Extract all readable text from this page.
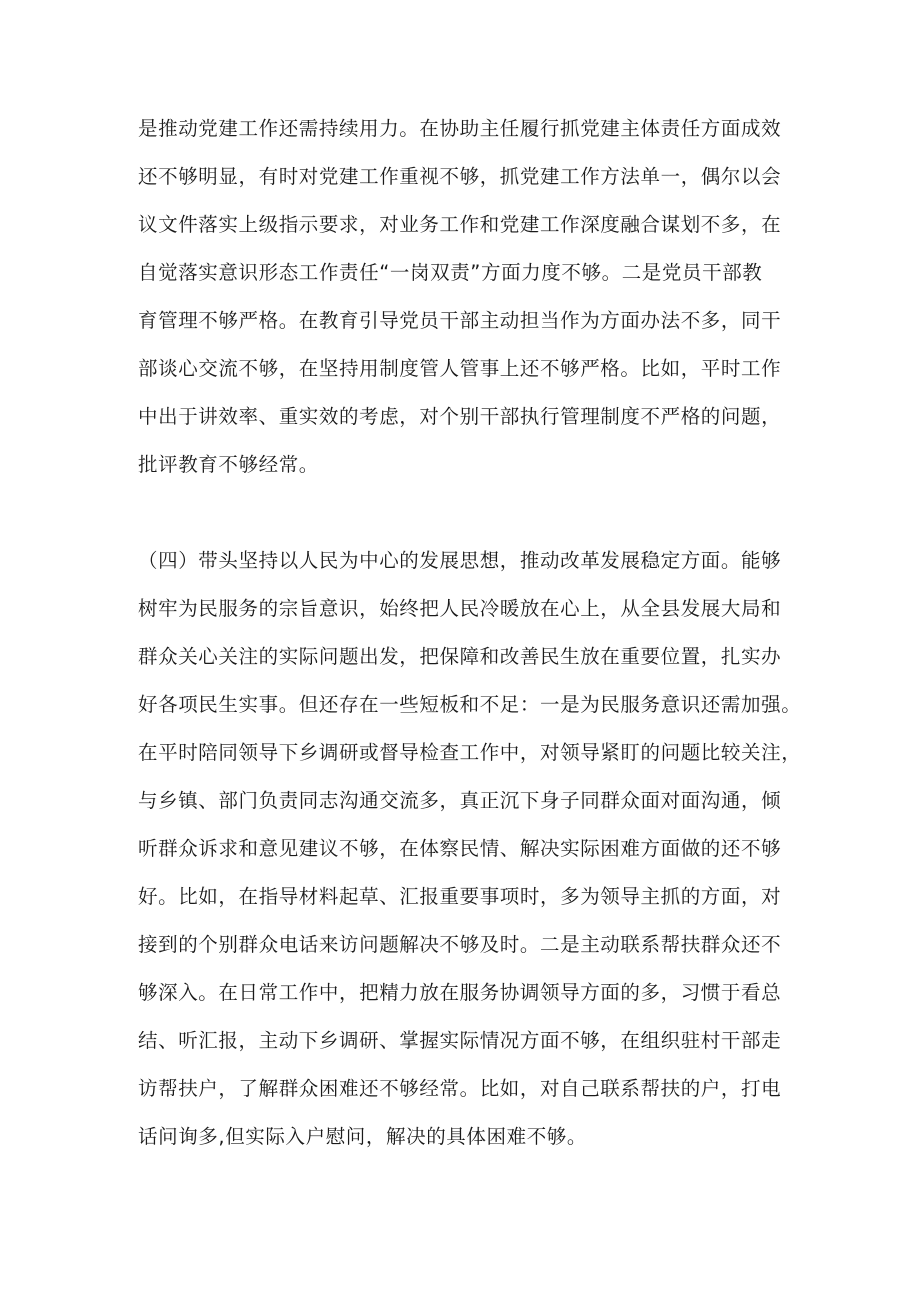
是推动党建工作还需持续用力。在协助主任履行抓党建主体责任方面成效
还不够明显，有时对党建工作重视不够，抓党建工作方法单一，偶尔以会
议文件落实上级指示要求，对业务工作和党建工作深度融合谋划不多，在
自觉落实意识形态工作责任“一岗双责”方面力度不够。二是党员干部教
育管理不够严格。在教育引导党员干部主动担当作为方面办法不多，同干
部谈心交流不够，在坚持用制度管人管事上还不够严格。比如，平时工作
中出于讲效率、重实效的考虑，对个别干部执行管理制度不严格的问题，
批评教育不够经常。
（四）带头坚持以人民为中心的发展思想，推动改革发展稳定方面。能够
树牢为民服务的宗旨意识，始终把人民冷暖放在心上，从全县发展大局和
群众关心关注的实际问题出发，把保障和改善民生放在重要位置，扎实办
好各项民生实事。但还存在一些短板和不足：一是为民服务意识还需加强。
在平时陪同领导下乡调研或督导检查工作中，对领导紧盯的问题比较关注，
与乡镇、部门负责同志沟通交流多，真正沉下身子同群众面对面沟通，倾
听群众诉求和意见建议不够，在体察民情、解决实际困难方面做的还不够
好。比如，在指导材料起草、汇报重要事项时，多为领导主抓的方面，对
接到的个别群众电话来访问题解决不够及时。二是主动联系帮扶群众还不
够深入。在日常工作中，把精力放在服务协调领导方面的多，习惯于看总
结、听汇报，主动下乡调研、掌握实际情况方面不够，在组织驻村干部走
访帮扶户，了解群众困难还不够经常。比如，对自己联系帮扶的户，打电
话问询多,但实际入户慰问，解决的具体困难不够。
